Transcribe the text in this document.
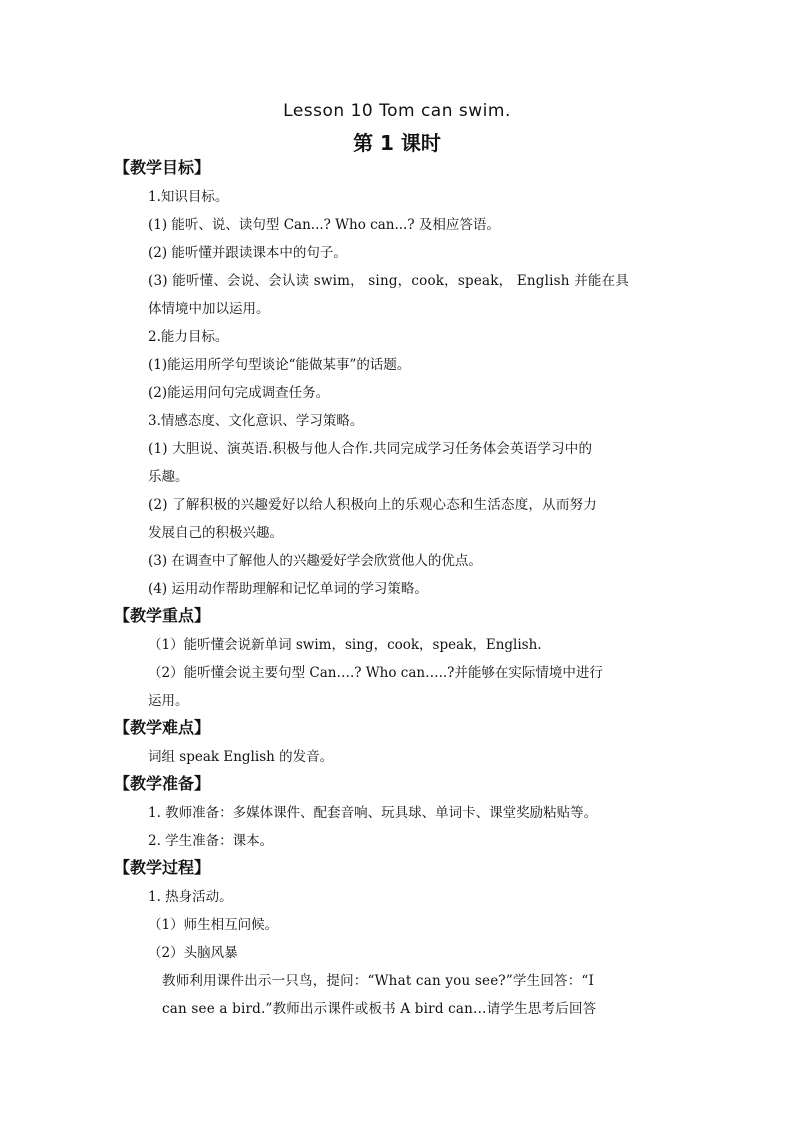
Lesson 10 Tom can swim.
第 1 课时
【教学目标】
1.知识目标。
(1) 能听、说、读句型 Can...? Who can...? 及相应答语。
(2) 能听懂并跟读课本中的句子。
(3) 能听懂、会说、会认读 swim， sing，cook，speak， English 并能在具
体情境中加以运用。
2.能力目标。
(1)能运用所学句型谈论“能做某事”的话题。
(2)能运用问句完成调查任务。
3.情感态度、文化意识、学习策略。
(1) 大胆说、演英语.积极与他人合作.共同完成学习任务体会英语学习中的
乐趣。
(2) 了解积极的兴趣爱好以给人积极向上的乐观心态和生活态度，从而努力
发展自己的积极兴趣。
(3) 在调查中了解他人的兴趣爱好学会欣赏他人的优点。
(4) 运用动作帮助理解和记忆单词的学习策略。
【教学重点】
（1）能听懂会说新单词 swim，sing，cook，speak，English.
（2）能听懂会说主要句型 Can….? Who can…..?并能够在实际情境中进行
运用。
【教学难点】
词组 speak English 的发音。
【教学准备】
1. 教师准备：多媒体课件、配套音响、玩具球、单词卡、课堂奖励粘贴等。
2. 学生准备：课本。
【教学过程】
1. 热身活动。
（1）师生相互问候。
（2）头脑风暴
教师利用课件出示一只鸟，提问：“What can you see?”学生回答：“I
can see a bird.”教师出示课件或板书 A bird can…请学生思考后回答
